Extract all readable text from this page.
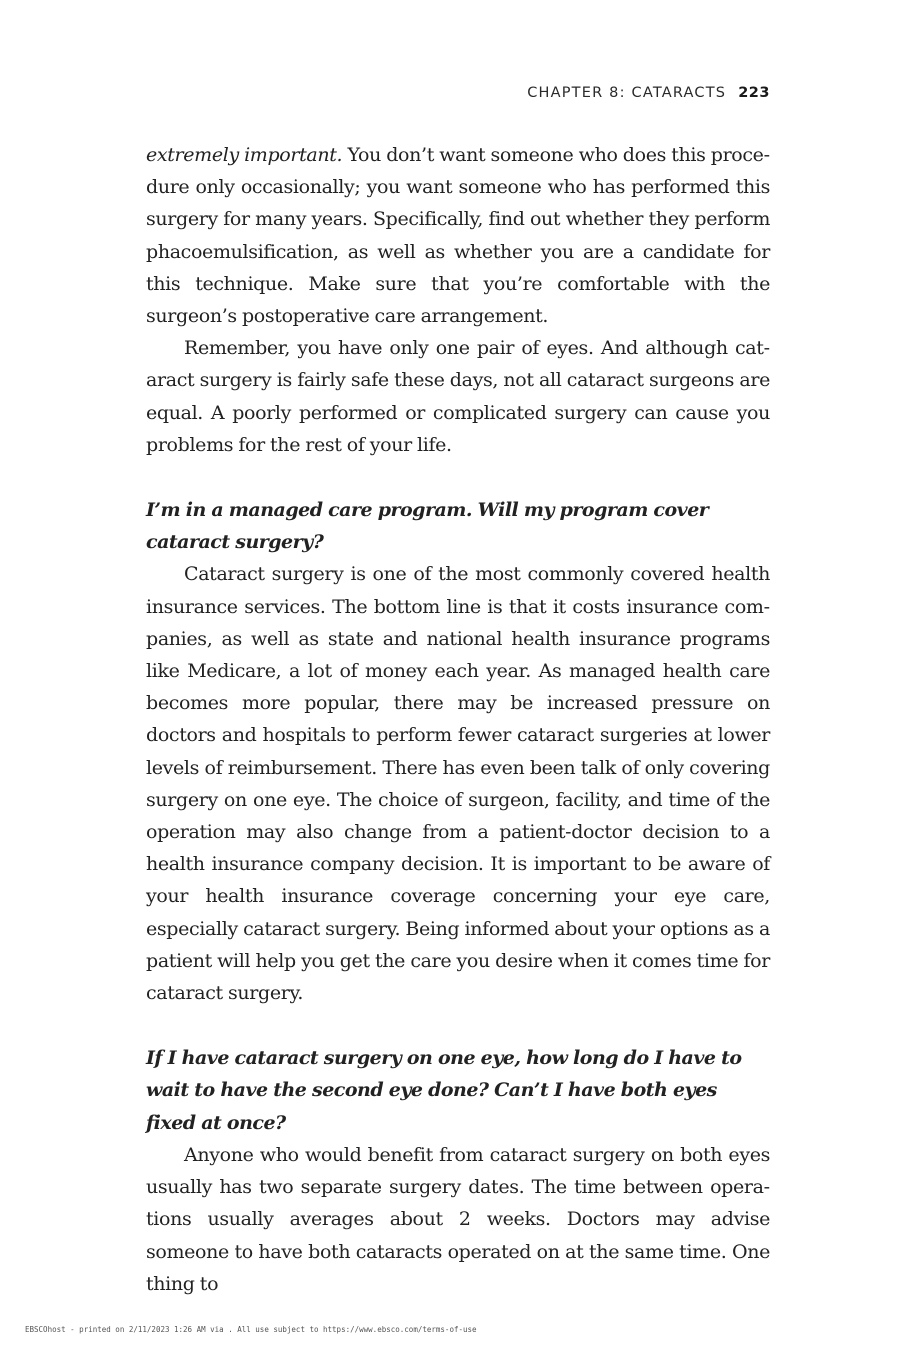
CHAPTER 8: CATARACTS 223

extremely important. You don’t want someone who does this procedure only occasionally; you want someone who has performed this surgery for many years. Specifically, find out whether they perform phacoemulsification, as well as whether you are a candidate for this technique. Make sure that you’re comfortable with the surgeon’s postoperative care arrangement.

Remember, you have only one pair of eyes. And although cataract surgery is fairly safe these days, not all cataract surgeons are equal. A poorly performed or complicated surgery can cause you problems for the rest of your life.

I’m in a managed care program. Will my program cover cataract surgery?

Cataract surgery is one of the most commonly covered health insurance services. The bottom line is that it costs insurance companies, as well as state and national health insurance programs like Medicare, a lot of money each year. As managed health care becomes more popular, there may be increased pressure on doctors and hospitals to perform fewer cataract surgeries at lower levels of reimbursement. There has even been talk of only covering surgery on one eye. The choice of surgeon, facility, and time of the operation may also change from a patient-doctor decision to a health insurance company decision. It is important to be aware of your health insurance coverage concerning your eye care, especially cataract surgery. Being informed about your options as a patient will help you get the care you desire when it comes time for cataract surgery.

If I have cataract surgery on one eye, how long do I have to wait to have the second eye done? Can’t I have both eyes fixed at once?

Anyone who would benefit from cataract surgery on both eyes usually has two separate surgery dates. The time between operations usually averages about 2 weeks. Doctors may advise someone to have both cataracts operated on at the same time. One thing to

EBSCOhost - printed on 2/11/2023 1:26 AM via . All use subject to https://www.ebsco.com/terms-of-use
